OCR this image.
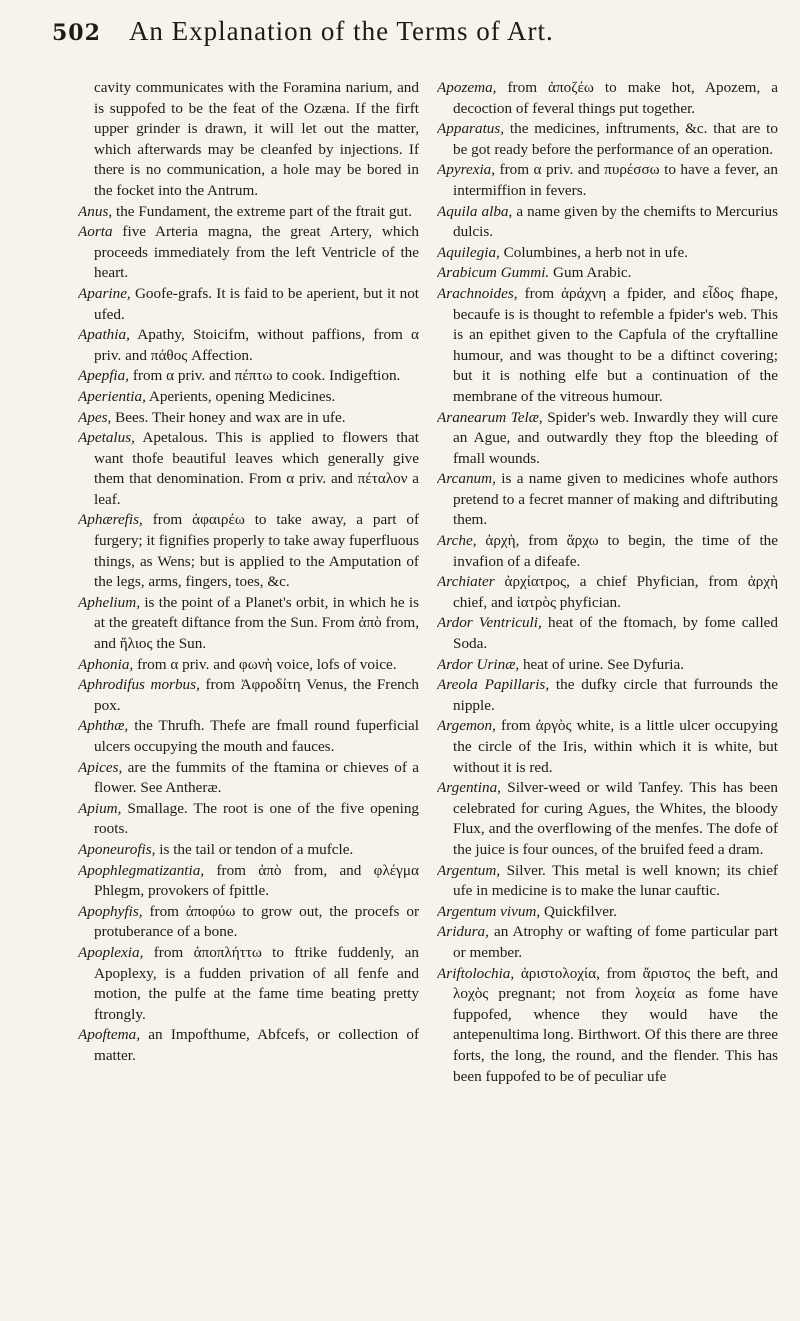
502 An Explanation of the Terms of Art.

cavity communicates with the Foramina narium, and is suppofed to be the feat of the Ozæna. If the firft upper grinder is drawn, it will let out the matter, which afterwards may be cleanfed by injections. If there is no communication, a hole may be bored in the focket into the Antrum.

Anus, the Fundament, the extreme part of the ftrait gut.

Aorta five Arteria magna, the great Artery, which proceeds immediately from the left Ventricle of the heart.

Aparine, Goofe-grafs. It is faid to be aperient, but it not ufed.

Apathia, Apathy, Stoicifm, without paffions, from α priv. and πάθος Affection.

Apepfia, from α priv. and πέπτω to cook. Indigeftion.

Aperientia, Aperients, opening Medicines.

Apes, Bees. Their honey and wax are in ufe.

Apetalus, Apetalous. This is applied to flowers that want thofe beautiful leaves which generally give them that denomination. From α priv. and πέταλον a leaf.

Aphærefis, from ἀφαιρέω to take away, a part of furgery; it fignifies properly to take away fuperfluous things, as Wens; but is applied to the Amputation of the legs, arms, fingers, toes, &c.

Aphelium, is the point of a Planet's orbit, in which he is at the greateft diftance from the Sun. From ἀπὸ from, and ἥλιος the Sun.

Aphonia, from α priv. and φωνὴ voice, lofs of voice.

Aphrodifus morbus, from Ἀφροδίτη Venus, the French pox.

Aphthæ, the Thrufh. Thefe are fmall round fuperficial ulcers occupying the mouth and fauces.

Apices, are the fummits of the ftamina or chieves of a flower. See Antheræ.

Apium, Smallage. The root is one of the five opening roots.

Aponeurofis, is the tail or tendon of a mufcle.

Apophlegmatizantia, from ἀπὸ from, and φλέγμα Phlegm, provokers of fpittle.

Apophyfis, from ἀποφύω to grow out, the procefs or protuberance of a bone.

Apoplexia, from ἀποπλήττω to ftrike fuddenly, an Apoplexy, is a fudden privation of all fenfe and motion, the pulfe at the fame time beating pretty ftrongly.

Apoftema, an Impofthume, Abfcefs, or collection of matter.

Apozema, from ἀποζέω to make hot, Apozem, a decoction of feveral things put together.

Apparatus, the medicines, inftruments, &c. that are to be got ready before the performance of an operation.

Apyrexia, from α priv. and πυρέσσω to have a fever, an intermiffion in fevers.

Aquila alba, a name given by the chemifts to Mercurius dulcis.

Aquilegia, Columbines, a herb not in ufe.

Arabicum Gummi. Gum Arabic.

Arachnoides, from ἀράχνη a fpider, and εἶδος fhape, becaufe is is thought to refemble a fpider's web. This is an epithet given to the Capfula of the cryftalline humour, and was thought to be a diftinct covering; but it is nothing elfe but a continuation of the membrane of the vitreous humour.

Aranearum Telæ, Spider's web. Inwardly they will cure an Ague, and outwardly they ftop the bleeding of fmall wounds.

Arcanum, is a name given to medicines whofe authors pretend to a fecret manner of making and diftributing them.

Arche, ἀρχὴ, from ἄρχω to begin, the time of the invafion of a difeafe.

Archiater ἀρχίατρος, a chief Phyfician, from ἀρχὴ chief, and ἰατρὸς phyfician.

Ardor Ventriculi, heat of the ftomach, by fome called Soda.

Ardor Urinæ, heat of urine. See Dyfuria.

Areola Papillaris, the dufky circle that furrounds the nipple.

Argemon, from ἀργὸς white, is a little ulcer occupying the circle of the Iris, within which it is white, but without it is red.

Argentina, Silver-weed or wild Tanfey. This has been celebrated for curing Agues, the Whites, the bloody Flux, and the overflowing of the menfes. The dofe of the juice is four ounces, of the bruifed feed a dram.

Argentum, Silver. This metal is well known; its chief ufe in medicine is to make the lunar cauftic.

Argentum vivum, Quickfilver.

Aridura, an Atrophy or wafting of fome particular part or member.

Ariftolochia, ἀριστολοχία, from ἄριστος the beft, and λοχὸς pregnant; not from λοχεία as fome have fuppofed, whence they would have the antepenultima long. Birthwort. Of this there are three forts, the long, the round, and the flender. This has been fuppofed to be of peculiar ufe
